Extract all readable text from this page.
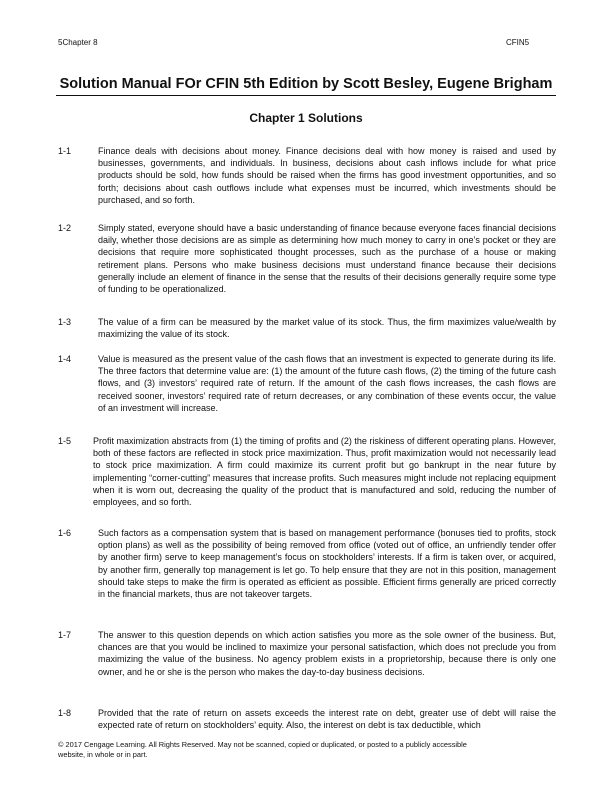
5Chapter 8	CFIN5
Solution Manual FOr CFIN 5th Edition by Scott Besley, Eugene Brigham
Chapter 1 Solutions
1-1	Finance deals with decisions about money. Finance decisions deal with how money is raised and used by businesses, governments, and individuals. In business, decisions about cash inflows include for what price products should be sold, how funds should be raised when the firms has good investment opportunities, and so forth; decisions about cash outflows include what expenses must be incurred, which investments should be purchased, and so forth.
1-2	Simply stated, everyone should have a basic understanding of finance because everyone faces financial decisions daily, whether those decisions are as simple as determining how much money to carry in one’s pocket or they are decisions that require more sophisticated thought processes, such as the purchase of a house or making retirement plans. Persons who make business decisions must understand finance because their decisions generally include an element of finance in the sense that the results of their decisions generally require some type of funding to be operationalized.
1-3	The value of a firm can be measured by the market value of its stock. Thus, the firm maximizes value/wealth by maximizing the value of its stock.
1-4	Value is measured as the present value of the cash flows that an investment is expected to generate during its life. The three factors that determine value are: (1) the amount of the future cash flows, (2) the timing of the future cash flows, and (3) investors’ required rate of return. If the amount of the cash flows increases, the cash flows are received sooner, investors’ required rate of return decreases, or any combination of these events occur, the value of an investment will increase.
1-5 Profit maximization abstracts from (1) the timing of profits and (2) the riskiness of different operating plans. However, both of these factors are reflected in stock price maximization. Thus, profit maximization would not necessarily lead to stock price maximization. A firm could maximize its current profit but go bankrupt in the near future by implementing “corner-cutting” measures that increase profits. Such measures might include not replacing equipment when it is worn out, decreasing the quality of the product that is manufactured and sold, reducing the number of employees, and so forth.
1-6	Such factors as a compensation system that is based on management performance (bonuses tied to profits, stock option plans) as well as the possibility of being removed from office (voted out of office, an unfriendly tender offer by another firm) serve to keep management’s focus on stockholders’ interests. If a firm is taken over, or acquired, by another firm, generally top management is let go. To help ensure that they are not in this position, management should take steps to make the firm is operated as efficient as possible. Efficient firms generally are priced correctly in the financial markets, thus are not takeover targets.
1-7	The answer to this question depends on which action satisfies you more as the sole owner of the business. But, chances are that you would be inclined to maximize your personal satisfaction, which does not preclude you from maximizing the value of the business. No agency problem exists in a proprietorship, because there is only one owner, and he or she is the person who makes the day-to-day business decisions.
1-8	Provided that the rate of return on assets exceeds the interest rate on debt, greater use of debt will raise the expected rate of return on stockholders’ equity. Also, the interest on debt is tax deductible, which
© 2017 Cengage Learning. All Rights Reserved. May not be scanned, copied or duplicated, or posted to a publicly accessible website, in whole or in part.
